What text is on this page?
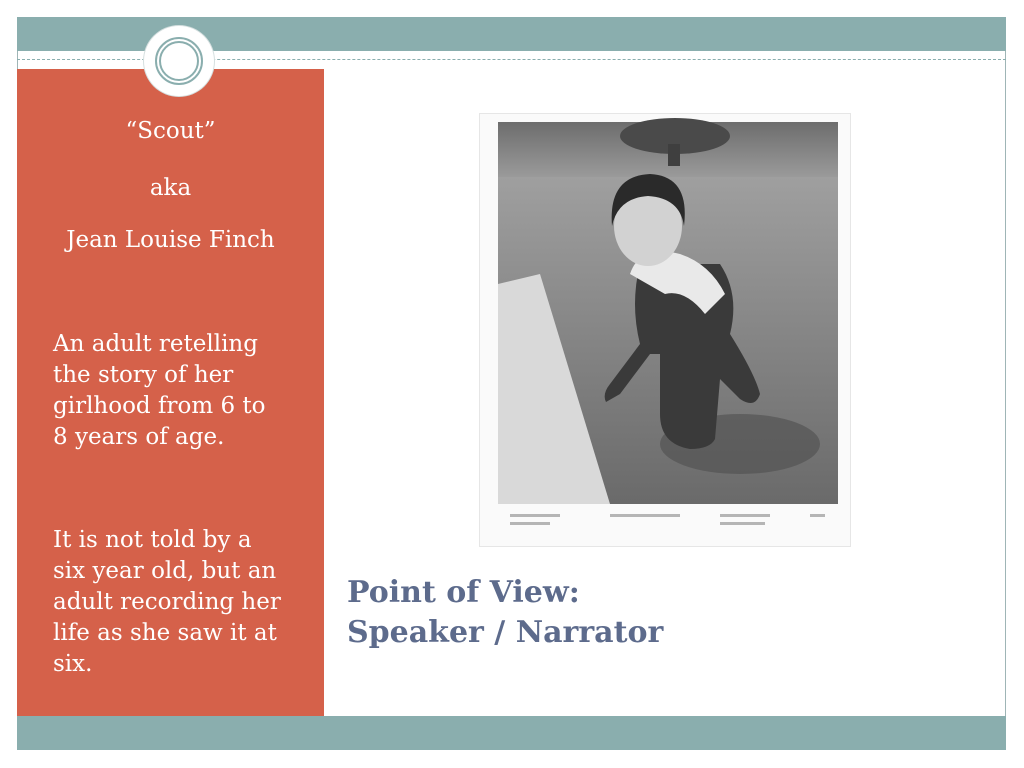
“Scout”
aka
Jean Louise Finch
An adult retelling
the story of her
girlhood from 6 to
8 years of age.
It is not told by a
six year old, but an
adult recording her
life as she saw it at
six.
Point of View:
Speaker / Narrator
